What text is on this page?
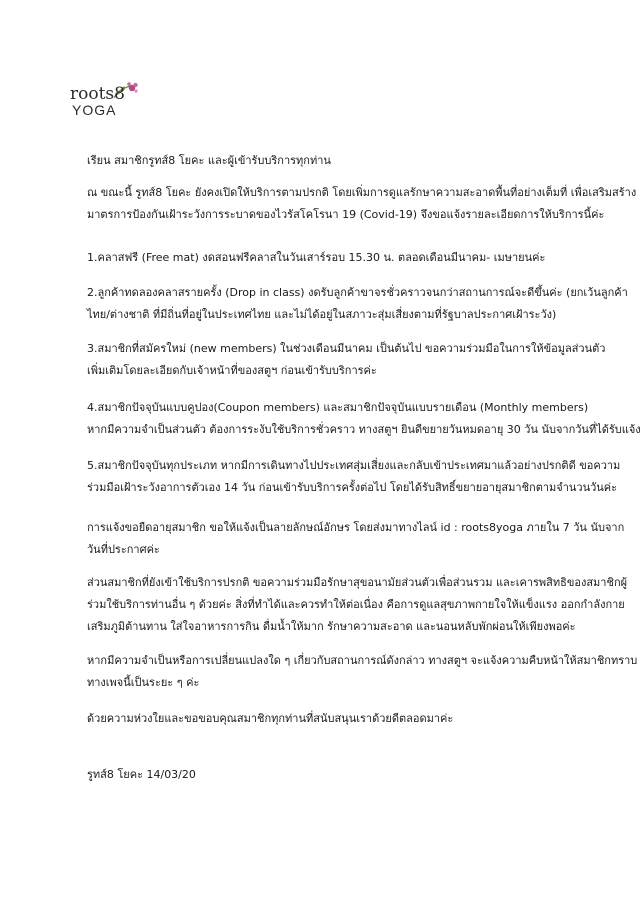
roots8
YOGA

เรียน สมาชิกรูทส์8 โยคะ และผู้เข้ารับบริการทุกท่าน

ณ ขณะนี้ รูทส์8 โยคะ ยังคงเปิดให้บริการตามปรกติ โดยเพิ่มการดูแลรักษาความสะอาดพื้นที่อย่างเต็มที่ เพื่อเสริมสร้าง
มาตรการป้องกันเฝ้าระวังการระบาดของไวรัสโคโรนา 19 (Covid-19) จึงขอแจ้งรายละเอียดการให้บริการนี้ค่ะ

1.คลาสฟรี (Free mat) งดสอนฟรีคลาสในวันเสาร์รอบ 15.30 น. ตลอดเดือนมีนาคม- เมษายนค่ะ

2.ลูกค้าทดลองคลาสรายครั้ง (Drop in class) งดรับลูกค้าขาจรชั่วคราวจนกว่าสถานการณ์จะดีขึ้นค่ะ (ยกเว้นลูกค้า
ไทย/ต่างชาติ ที่มีถิ่นที่อยู่ในประเทศไทย และไม่ได้อยู่ในสภาวะสุ่มเสี่ยงตามที่รัฐบาลประกาศเฝ้าระวัง)

3.สมาชิกที่สมัครใหม่ (new members) ในช่วงเดือนมีนาคม เป็นต้นไป ขอความร่วมมือในการให้ข้อมูลส่วนตัว
เพิ่มเติมโดยละเอียดกับเจ้าหน้าที่ของสตูฯ ก่อนเข้ารับบริการค่ะ

4.สมาชิกปัจจุบันแบบคูปอง(Coupon members) และสมาชิกปัจจุบันแบบรายเดือน (Monthly members)
หากมีความจำเป็นส่วนตัว ต้องการระงับใช้บริการชั่วคราว ทางสตูฯ ยินดีขยายวันหมดอายุ 30 วัน นับจากวันที่ได้รับแจ้ง

5.สมาชิกปัจจุบันทุกประเภท หากมีการเดินทางไปประเทศสุ่มเสี่ยงและกลับเข้าประเทศมาแล้วอย่างปรกติดี ขอความ
ร่วมมือเฝ้าระวังอาการตัวเอง 14 วัน ก่อนเข้ารับบริการครั้งต่อไป โดยได้รับสิทธิ์ขยายอายุสมาชิกตามจำนวนวันค่ะ

การแจ้งขอยืดอายุสมาชิก ขอให้แจ้งเป็นลายลักษณ์อักษร โดยส่งมาทางไลน์ id : roots8yoga ภายใน 7 วัน นับจาก
วันที่ประกาศค่ะ

ส่วนสมาชิกที่ยังเข้าใช้บริการปรกติ ขอความร่วมมือรักษาสุขอนามัยส่วนตัวเพื่อส่วนรวม และเคารพสิทธิของสมาชิกผู้
ร่วมใช้บริการท่านอื่น ๆ ด้วยค่ะ สิ่งที่ทำได้และควรทำให้ต่อเนื่อง คือการดูแลสุขภาพกายใจให้แข็งแรง ออกกำลังกาย
เสริมภูมิต้านทาน ใส่ใจอาหารการกิน ดื่มน้ำให้มาก รักษาความสะอาด และนอนหลับพักผ่อนให้เพียงพอค่ะ

หากมีความจำเป็นหรือการเปลี่ยนแปลงใด ๆ เกี่ยวกับสถานการณ์ดังกล่าว ทางสตูฯ จะแจ้งความคืบหน้าให้สมาชิกทราบ
ทางเพจนี้เป็นระยะ ๆ ค่ะ

ด้วยความห่วงใยและขอขอบคุณสมาชิกทุกท่านที่สนับสนุนเราด้วยดีตลอดมาค่ะ

รูทส์8 โยคะ 14/03/20
